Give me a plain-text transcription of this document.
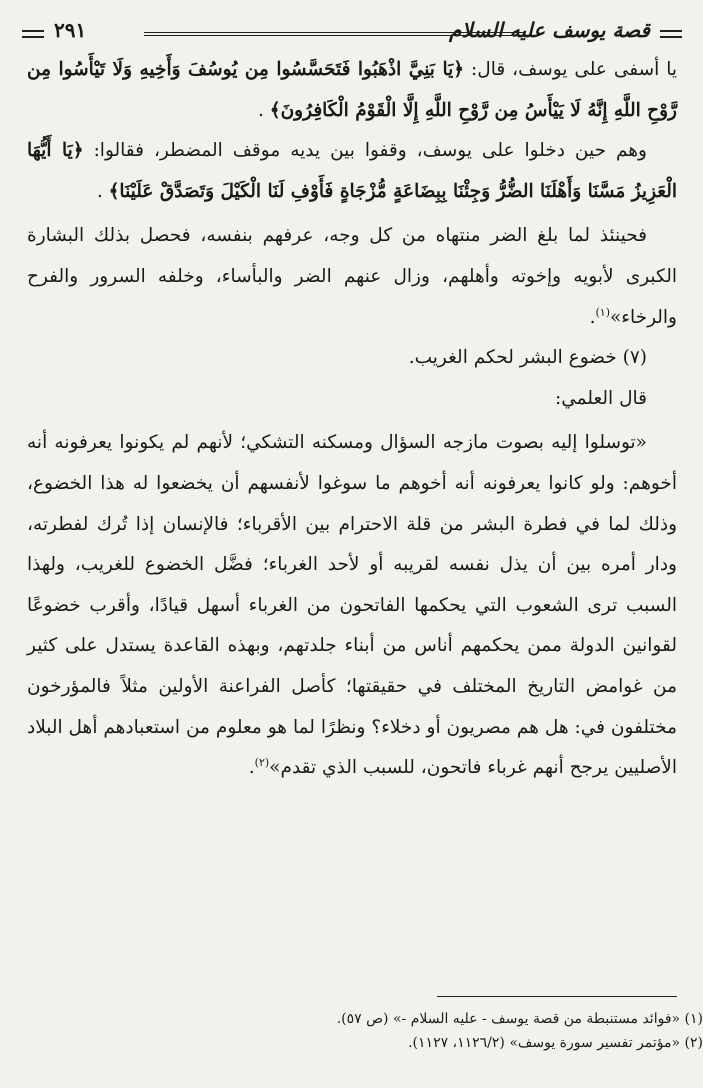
قصة يوسف عليه السلام
٢٩١

يا أسفى على يوسف، قال: ﴿يَا بَنِيَّ اذْهَبُوا فَتَحَسَّسُوا مِن يُوسُفَ وَأَخِيهِ وَلَا تَيْأَسُوا مِن رَّوْحِ اللَّهِ إِنَّهُ لَا يَيْأَسُ مِن رَّوْحِ اللَّهِ إِلَّا الْقَوْمُ الْكَافِرُونَ﴾ .

وهم حين دخلوا على يوسف، وقفوا بين يديه موقف المضطر، فقالوا: ﴿يَا أَيُّهَا الْعَزِيزُ مَسَّنَا وَأَهْلَنَا الضُّرُّ وَجِئْنَا بِبِضَاعَةٍ مُّزْجَاةٍ فَأَوْفِ لَنَا الْكَيْلَ وَتَصَدَّقْ عَلَيْنَا﴾ .

فحينئذ لما بلغ الضر منتهاه من كل وجه، عرفهم بنفسه، فحصل بذلك البشارة الكبرى لأبويه وإخوته وأهلهم، وزال عنهم الضر والبأساء، وخلفه السرور والفرح والرخاء»$^{(١)}$.

(٧) خضوع البشر لحكم الغريب.

قال العلمي:

«توسلوا إليه بصوت مازجه السؤال ومسكنه التشكي؛ لأنهم لم يكونوا يعرفونه أنه أخوهم: ولو كانوا يعرفونه أنه أخوهم ما سوغوا لأنفسهم أن يخضعوا له هذا الخضوع، وذلك لما في فطرة البشر من قلة الاحترام بين الأقرباء؛ فالإنسان إذا تُرك لفطرته، ودار أمره بين أن يذل نفسه لقريبه أو لأحد الغرباء؛ فضَّل الخضوع للغريب، ولهذا السبب ترى الشعوب التي يحكمها الفاتحون من الغرباء أسهل قيادًا، وأقرب خضوعًا لقوانين الدولة ممن يحكمهم أناس من أبناء جلدتهم، وبهذه القاعدة يستدل على كثير من غوامض التاريخ المختلف في حقيقتها؛ كأصل الفراعنة الأولين مثلاً فالمؤرخون مختلفون في: هل هم مصريون أو دخلاء؟ ونظرًا لما هو معلوم من استعبادهم أهل البلاد الأصليين يرجح أنهم غرباء فاتحون، للسبب الذي تقدم»$^{(٢)}$.

(١) «فوائد مستنبطة من قصة يوسف - عليه السلام -» (ص ٥٧).
(٢) «مؤتمر تفسير سورة يوسف» (١١٢٦/٢، ١١٢٧).
